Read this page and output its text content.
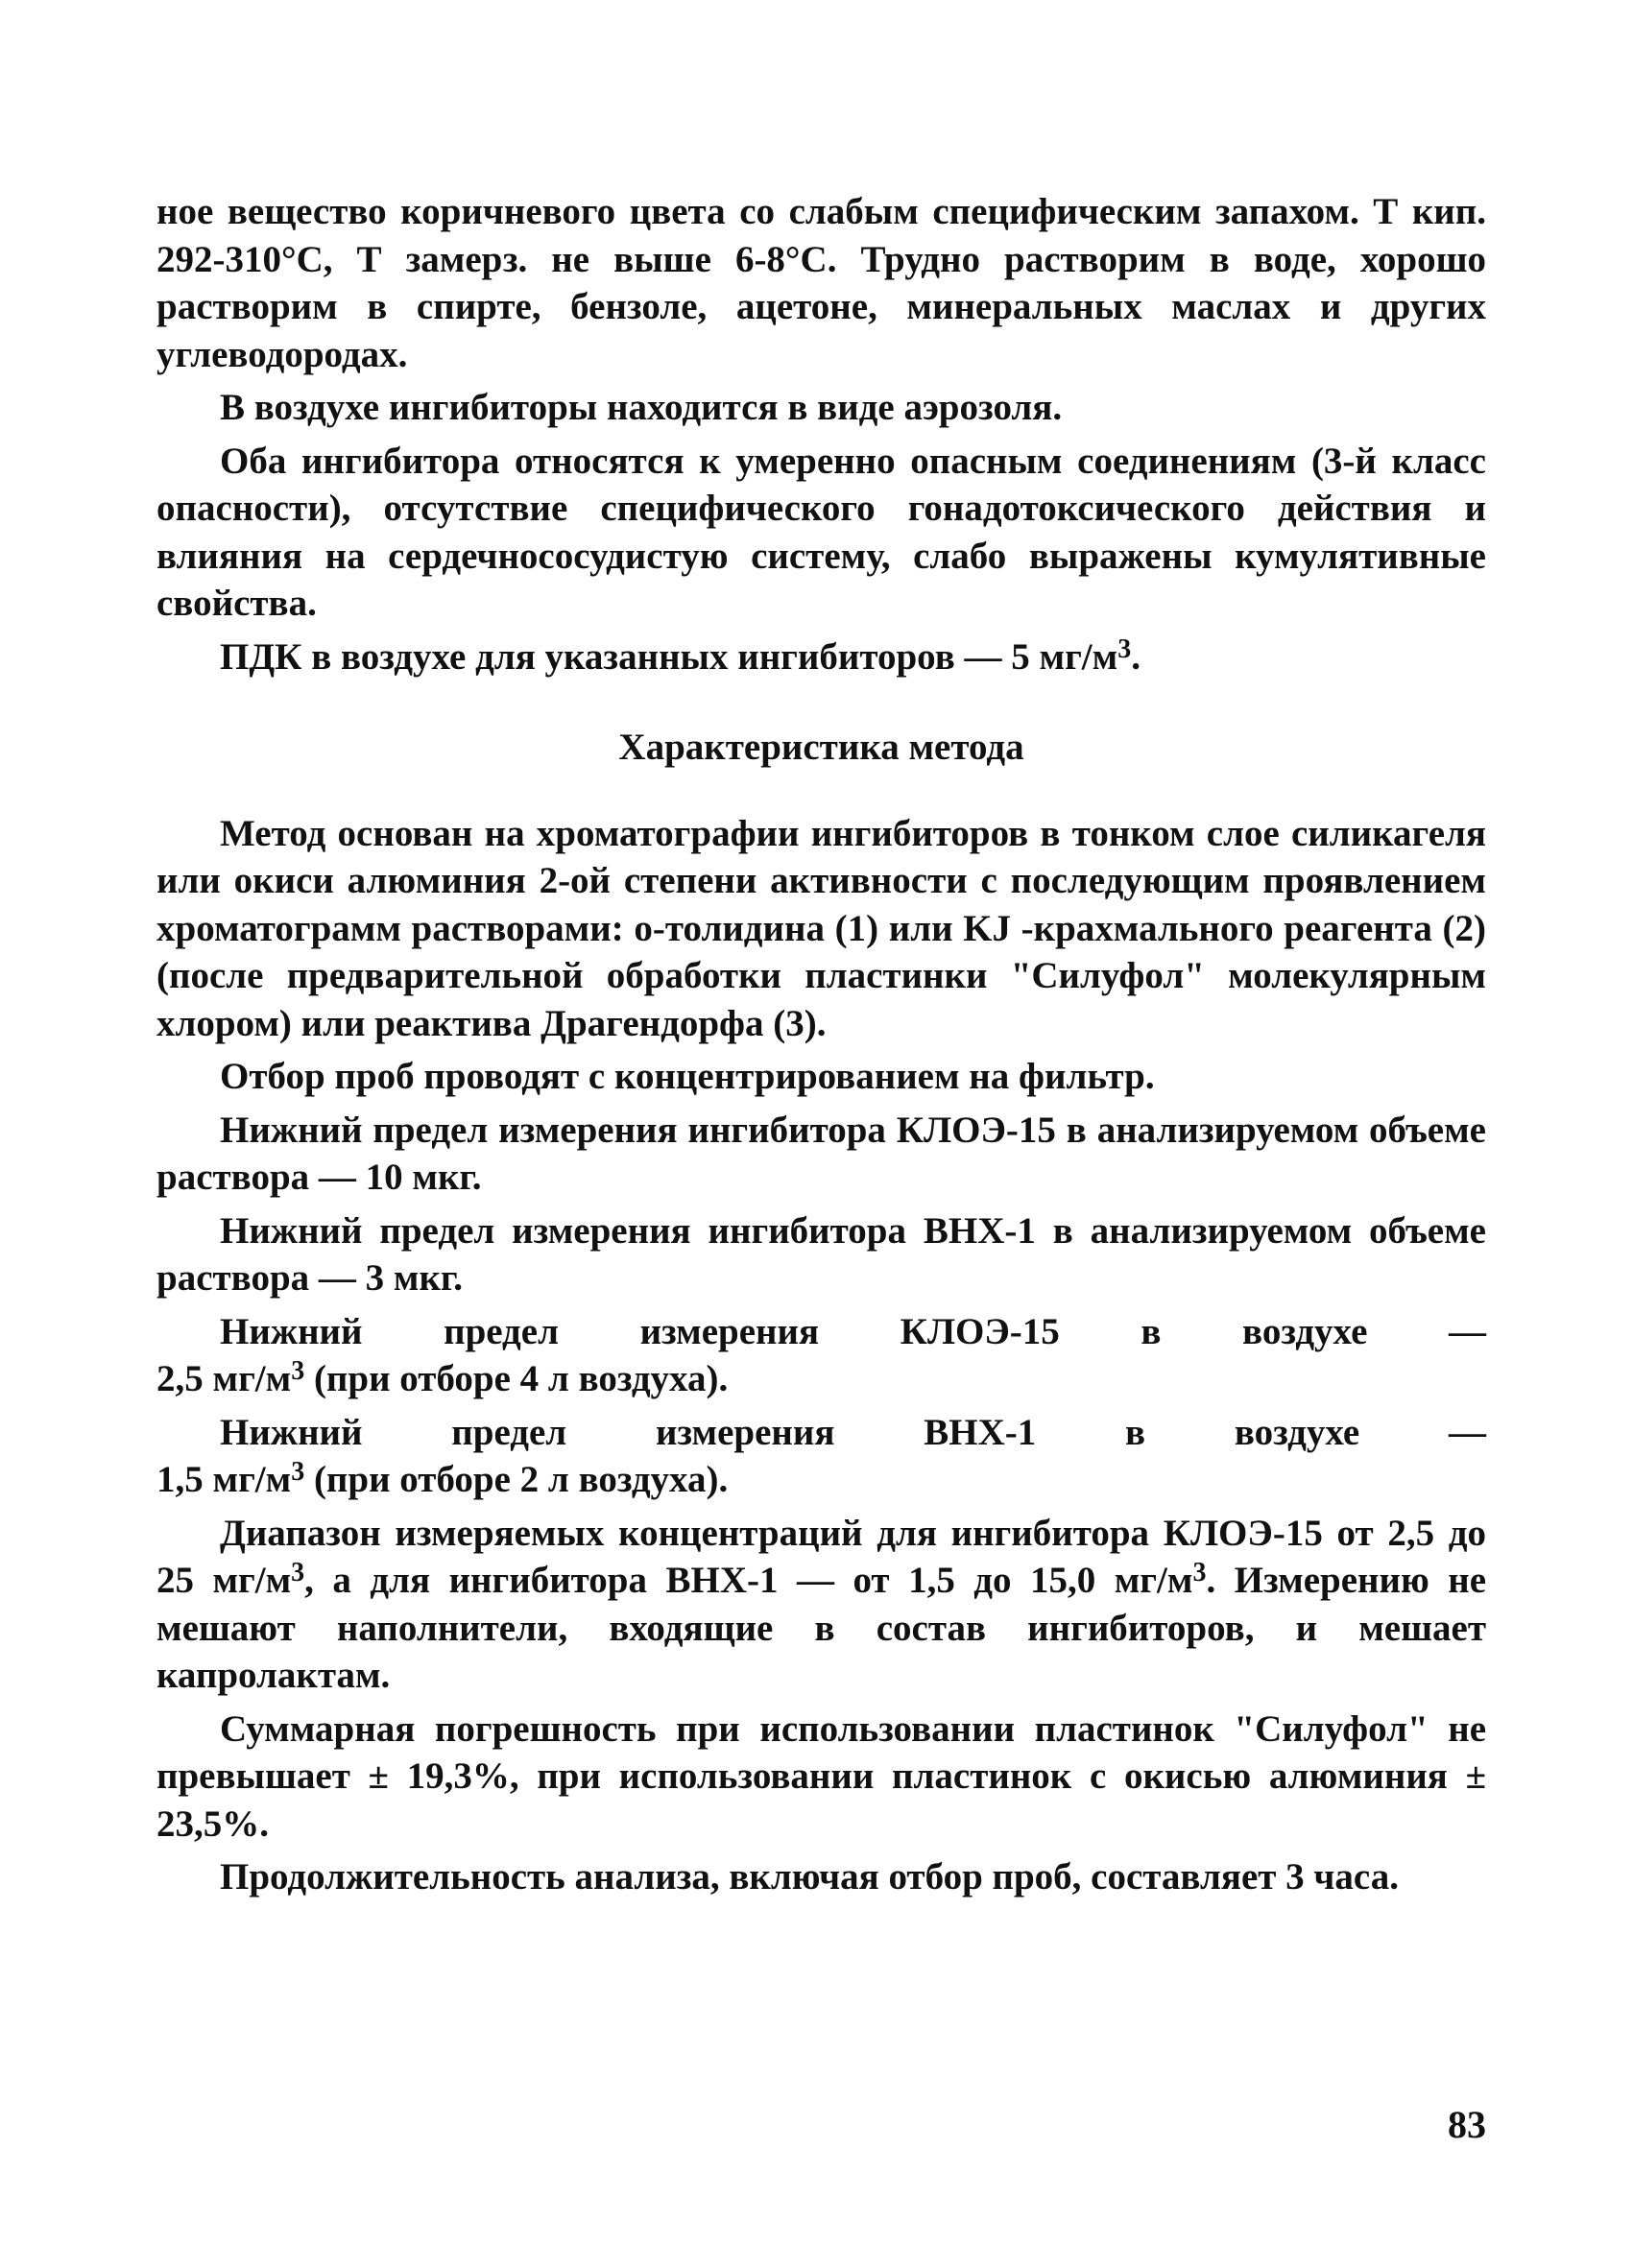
ное вещество коричневого цвета со слабым специфическим запахом. Т кип. 292-310°С, Т замерз. не выше 6-8°С. Трудно растворим в воде, хорошо растворим в спирте, бензоле, ацетоне, минеральных маслах и других углеводородах.

В воздухе ингибиторы находится в виде аэрозоля.

Оба ингибитора относятся к умеренно опасным соединениям (3-й класс опасности), отсутствие специфического гонадотоксического действия и влияния на сердечнососудистую систему, слабо выражены кумулятивные свойства.

ПДК в воздухе для указанных ингибиторов — 5 $мг/м^3$.

Характеристика метода

Метод основан на хроматографии ингибиторов в тонком слое силикагеля или окиси алюминия 2-ой степени активности с последующим проявлением хроматограмм растворами: о-толидина (1) или KJ -крахмального реагента (2) (после предварительной обработки пластинки "Силуфол" молекулярным хлором) или реактива Драгендорфа (3).

Отбор проб проводят с концентрированием на фильтр.

Нижний предел измерения ингибитора КЛОЭ-15 в анализируемом объеме раствора — 10 мкг.

Нижний предел измерения ингибитора ВНХ-1 в анализируемом объеме раствора — 3 мкг.

Нижний предел измерения КЛОЭ-15 в воздухе —

2,5 $мг/м^3$ (при отборе 4 л воздуха).

Нижний предел измерения ВНХ-1 в воздухе —

1,5 $мг/м^3$ (при отборе 2 л воздуха).

Диапазон измеряемых концентраций для ингибитора КЛОЭ-15 от 2,5 до 25 $мг/м^3$, а для ингибитора ВНХ-1 — от 1,5 до 15,0 $мг/м^3$. Измерению не мешают наполнители, входящие в состав ингибиторов, и мешает капролактам.

Суммарная погрешность при использовании пластинок "Силуфол" не превышает ± 19,3%, при использовании пластинок с окисью алюминия ± 23,5%.

Продолжительность анализа, включая отбор проб, составляет 3 часа.

83
